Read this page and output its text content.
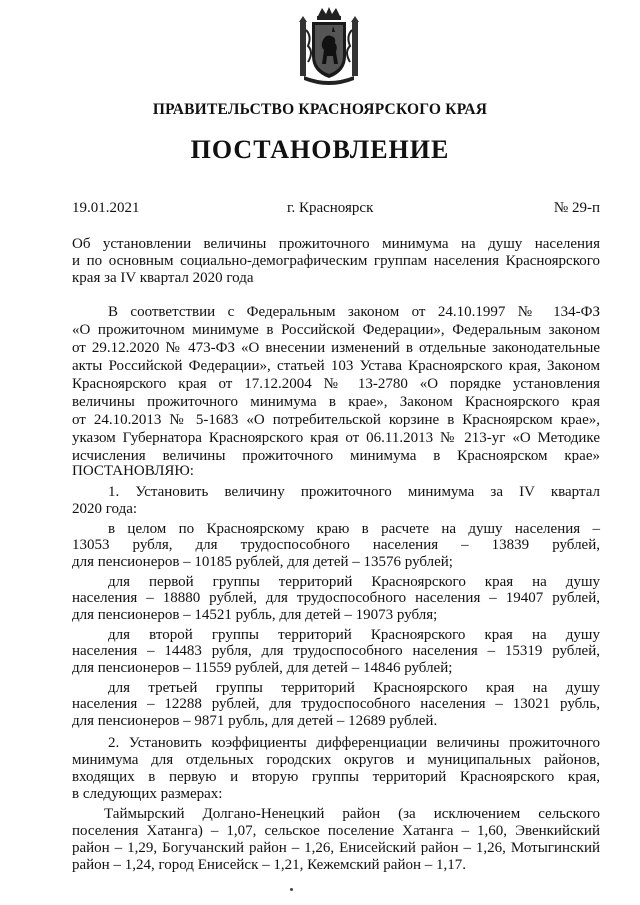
ПРАВИТЕЛЬСТВО КРАСНОЯРСКОГО КРАЯ
ПОСТАНОВЛЕНИЕ
19.01.2021	г. Красноярск	№ 29-п
Об установлении величины прожиточного минимума на душу населения
и по основным социально-демографическим группам населения Красноярского
края за IV квартал 2020 года
В соответствии с Федеральным законом от 24.10.1997 № 134-ФЗ
«О прожиточном минимуме в Российской Федерации», Федеральным законом
от 29.12.2020 № 473-ФЗ «О внесении изменений в отдельные законодательные
акты Российской Федерации», статьей 103 Устава Красноярского края, Законом
Красноярского края от 17.12.2004 № 13-2780 «О порядке установления
величины прожиточного минимума в крае», Законом Красноярского края
от 24.10.2013 № 5-1683 «О потребительской корзине в Красноярском крае»,
указом Губернатора Красноярского края от 06.11.2013 № 213-уг «О Методике
исчисления величины прожиточного минимума в Красноярском крае»
ПОСТАНОВЛЯЮ:
1. Установить величину прожиточного минимума за IV квартал
2020 года:
в целом по Красноярскому краю в расчете на душу населения –
13053 рубля, для трудоспособного населения – 13839 рублей,
для пенсионеров – 10185 рублей, для детей – 13576 рублей;
для первой группы территорий Красноярского края на душу
населения – 18880 рублей, для трудоспособного населения – 19407 рублей,
для пенсионеров – 14521 рубль, для детей – 19073 рубля;
для второй группы территорий Красноярского края на душу
населения – 14483 рубля, для трудоспособного населения – 15319 рублей,
для пенсионеров – 11559 рублей, для детей – 14846 рублей;
для третьей группы территорий Красноярского края на душу
населения – 12288 рублей, для трудоспособного населения – 13021 рубль,
для пенсионеров – 9871 рубль, для детей – 12689 рублей.
2. Установить коэффициенты дифференциации величины прожиточного
минимума для отдельных городских округов и муниципальных районов,
входящих в первую и вторую группы территорий Красноярского края,
в следующих размерах:
Таймырский Долгано-Ненецкий район (за исключением сельского
поселения Хатанга) – 1,07, сельское поселение Хатанга – 1,60, Эвенкийский
район – 1,29, Богучанский район – 1,26, Енисейский район – 1,26, Мотыгинский
район – 1,24, город Енисейск – 1,21, Кежемский район – 1,17.
